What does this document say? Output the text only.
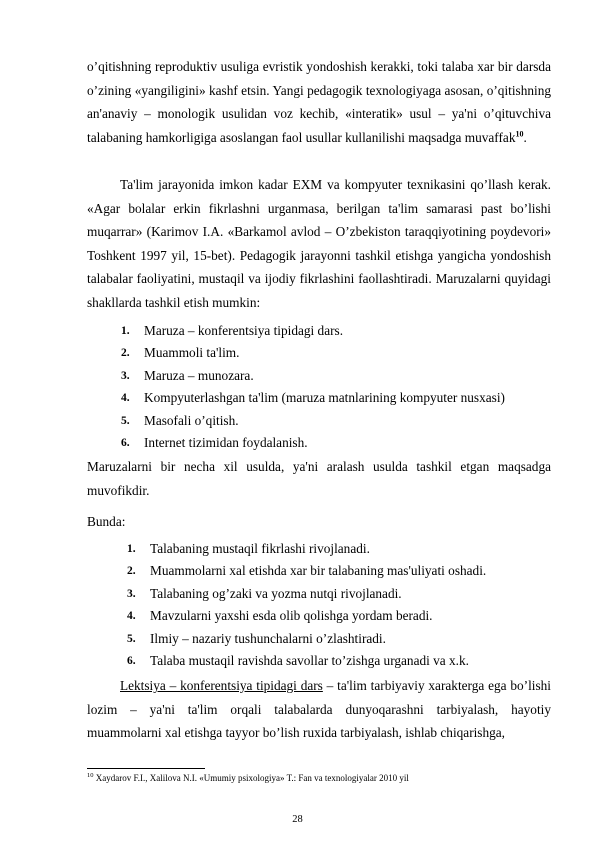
o’qitishning reproduktiv usuliga evristik yondoshish kerakki, toki talaba xar bir darsda o’zining «yangiligini» kashf etsin. Yangi pedagogik texnologiyaga asosan, o’qitishning an'anaviy – monologik usulidan voz kechib, «interatik» usul – ya'ni o’qituvchiva talabaning hamkorligiga asoslangan faol usullar kullanilishi maqsadga muvaffak$^{10}$.

Ta'lim jarayonida imkon kadar EXM va kompyuter texnikasini qo’llash kerak. «Agar bolalar erkin fikrlashni urganmasa, berilgan ta'lim samarasi past bo’lishi muqarrar» (Karimov I.A. «Barkamol avlod – O’zbekiston taraqqiyotining poydevori» Toshkent 1997 yil, 15-bet). Pedagogik jarayonni tashkil etishga yangicha yondoshish talabalar faoliyatini, mustaqil va ijodiy fikrlashini faollashtiradi. Maruzalarni quyidagi shakllarda tashkil etish mumkin:

1.	Maruza – konferentsiya tipidagi dars.
2.	Muammoli ta'lim.
3.	Maruza – munozara.
4.	Kompyuterlashgan ta'lim (maruza matnlarining kompyuter nusxasi)
5.	Masofali o’qitish.
6.	Internet tizimidan foydalanish.

Maruzalarni bir necha xil usulda, ya'ni aralash usulda tashkil etgan maqsadga muvofikdir.

Bunda:

1.	Talabaning mustaqil fikrlashi rivojlanadi.
2.	Muammolarni xal etishda xar bir talabaning mas'uliyati oshadi.
3.	Talabaning og’zaki va yozma nutqi rivojlanadi.
4.	Mavzularni yaxshi esda olib qolishga yordam beradi.
5.	Ilmiy – nazariy tushunchalarni o’zlashtiradi.
6.	Talaba mustaqil ravishda savollar to’zishga urganadi va x.k.

Lektsiya – konferentsiya tipidagi dars – ta'lim tarbiyaviy xarakterga ega bo’lishi lozim – ya'ni ta'lim orqali talabalarda dunyoqarashni tarbiyalash, hayotiy muammolarni xal etishga tayyor bo’lish ruxida tarbiyalash, ishlab chiqarishga,

$^{10}$ Xaydarov F.I., Xalilova N.I. «Umumiy psixologiya» T.: Fan va texnologiyalar 2010 yil
28
